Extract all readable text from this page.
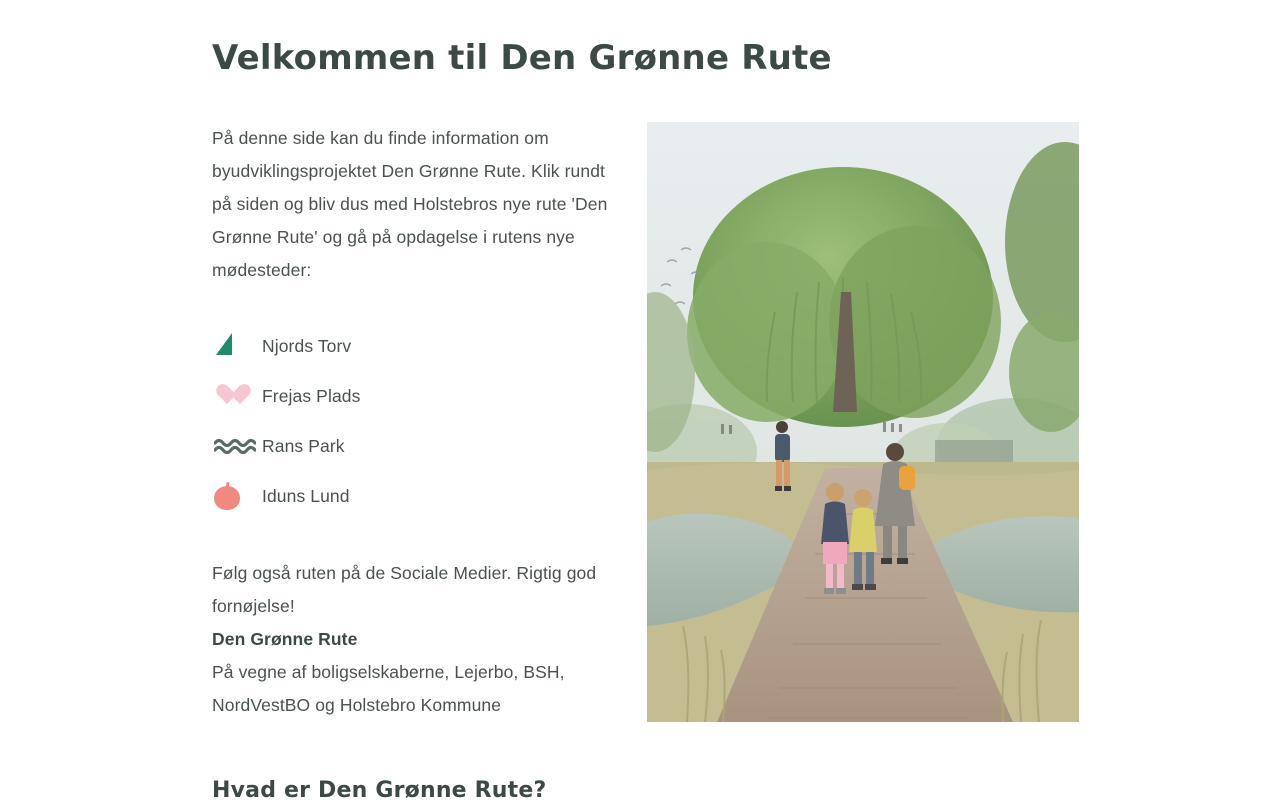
Velkommen til Den Grønne Rute

På denne side kan du finde information om byudviklingsprojektet Den Grønne Rute. Klik rundt på siden og bliv dus med Holstebros nye rute 'Den Grønne Rute' og gå på opdagelse i rutens nye mødesteder:

Njords Torv
Frejas Plads
Rans Park
Iduns Lund

Følg også ruten på de Sociale Medier. Rigtig god fornøjelse!

Den Grønne Rute

På vegne af boligselskaberne, Lejerbo, BSH, NordVestBO og Holstebro Kommune

Hvad er Den Grønne Rute?
